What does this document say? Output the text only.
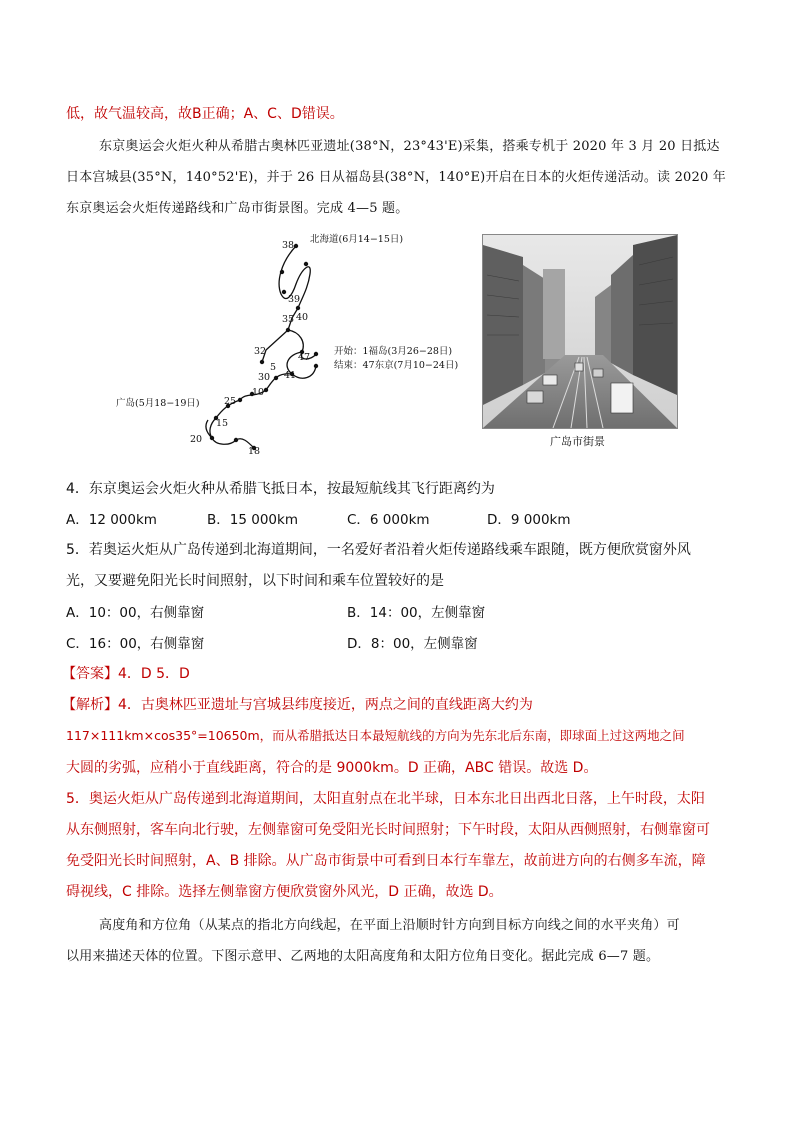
低，故气温较高，故B正确；A、C、D错误。
东京奥运会火炬火种从希腊古奥林匹亚遗址(38°N，23°43'E)采集，搭乘专机于 2020 年 3 月 20 日抵达
日本宫城县(35°N，140°52'E)，并于 26 日从福岛县(38°N，140°E)开启在日本的火炬传递活动。读 2020 年
东京奥运会火炬传递路线和广岛市街景图。完成 4—5 题。
38
39
35 40
32
5
47
30 41
10
25
15
20
18
北海道(6月14−15日)
开始：1福岛(3月26−28日)
结束：47东京(7月10−24日)
广岛(5月18−19日)
广岛市街景
4．东京奥运会火炬火种从希腊飞抵日本，按最短航线其飞行距离约为
A．12 000km	B．15 000km	C．6 000km	D．9 000km
5．若奥运火炬从广岛传递到北海道期间，一名爱好者沿着火炬传递路线乘车跟随，既方便欣赏窗外风
光，又要避免阳光长时间照射，以下时间和乘车位置较好的是
A．10：00，右侧靠窗	B．14：00，左侧靠窗
C．16：00，右侧靠窗	D．8：00，左侧靠窗
【答案】4．D 5．D
【解析】4．古奥林匹亚遗址与宫城县纬度接近，两点之间的直线距离大约为
117×111km×cos35°=10650m，而从希腊抵达日本最短航线的方向为先东北后东南，即球面上过这两地之间
大圆的劣弧，应稍小于直线距离，符合的是 9000km。D 正确，ABC 错误。故选 D。
5．奥运火炬从广岛传递到北海道期间，太阳直射点在北半球，日本东北日出西北日落，上午时段，太阳
从东侧照射，客车向北行驶，左侧靠窗可免受阳光长时间照射；下午时段，太阳从西侧照射，右侧靠窗可
免受阳光长时间照射，A、B 排除。从广岛市街景中可看到日本行车靠左，故前进方向的右侧多车流，障
碍视线，C 排除。选择左侧靠窗方便欣赏窗外风光，D 正确，故选 D。
高度角和方位角（从某点的指北方向线起，在平面上沿顺时针方向到目标方向线之间的水平夹角）可
以用来描述天体的位置。下图示意甲、乙两地的太阳高度角和太阳方位角日变化。据此完成 6—7 题。
